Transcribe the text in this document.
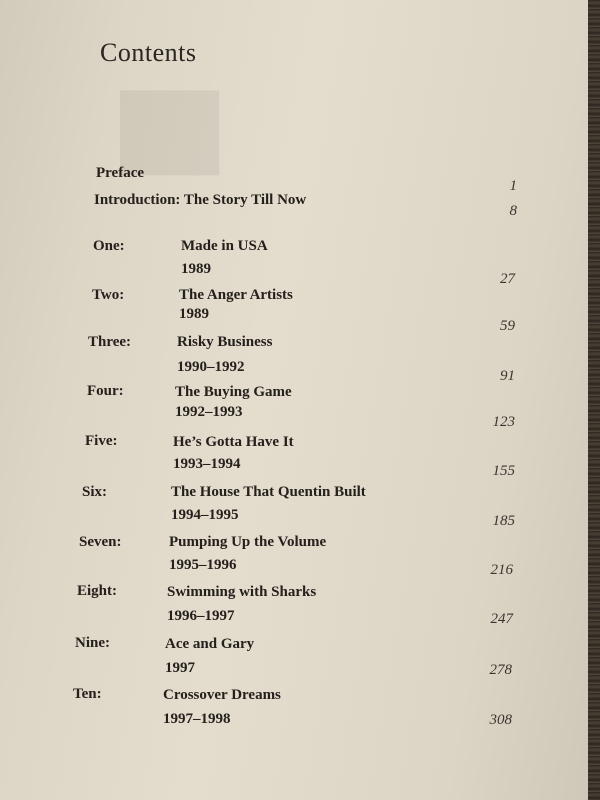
██
Contents
Preface
1
Introduction: The Story Till Now
8
One:	Made in USA
1989
27
Two:	The Anger Artists
1989
59
Three:	Risky Business
1990–1992
91
Four:	The Buying Game
1992–1993
123
Five:	He’s Gotta Have It
1993–1994	155
Six:	The House That Quentin Built
1994–1995	185
Seven:	Pumping Up the Volume
1995–1996	216
Eight:	Swimming with Sharks
1996–1997	247
Nine:	Ace and Gary
1997	278
Ten:	Crossover Dreams
1997–1998	308
